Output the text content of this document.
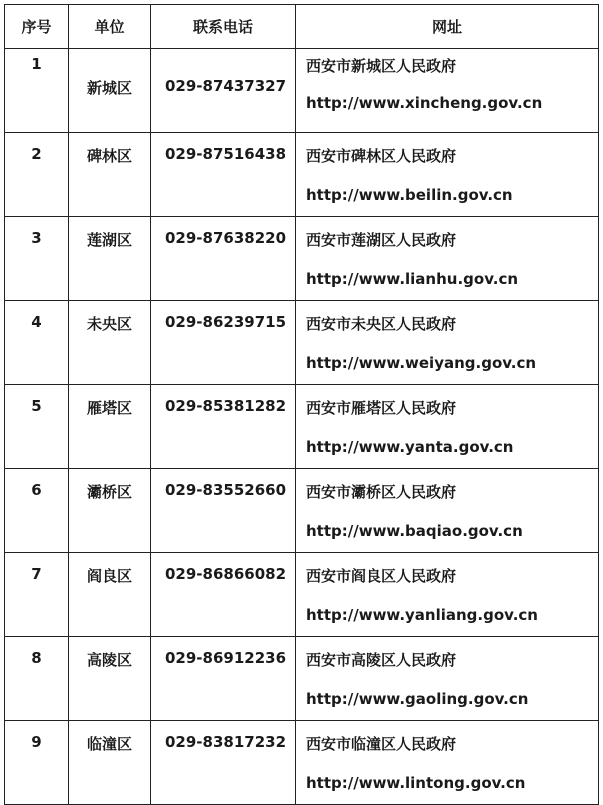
序号	单位	联系电话	网址

1	新城区	029-87437327	西安市新城区人民政府
http://www.xincheng.gov.cn

2	碑林区	029-87516438	西安市碑林区人民政府
http://www.beilin.gov.cn

3	莲湖区	029-87638220	西安市莲湖区人民政府
http://www.lianhu.gov.cn

4	未央区	029-86239715	西安市未央区人民政府
http://www.weiyang.gov.cn

5	雁塔区	029-85381282	西安市雁塔区人民政府
http://www.yanta.gov.cn

6	灞桥区	029-83552660	西安市灞桥区人民政府
http://www.baqiao.gov.cn

7	阎良区	029-86866082	西安市阎良区人民政府
http://www.yanliang.gov.cn

8	高陵区	029-86912236	西安市高陵区人民政府
http://www.gaoling.gov.cn

9	临潼区	029-83817232	西安市临潼区人民政府
http://www.lintong.gov.cn
